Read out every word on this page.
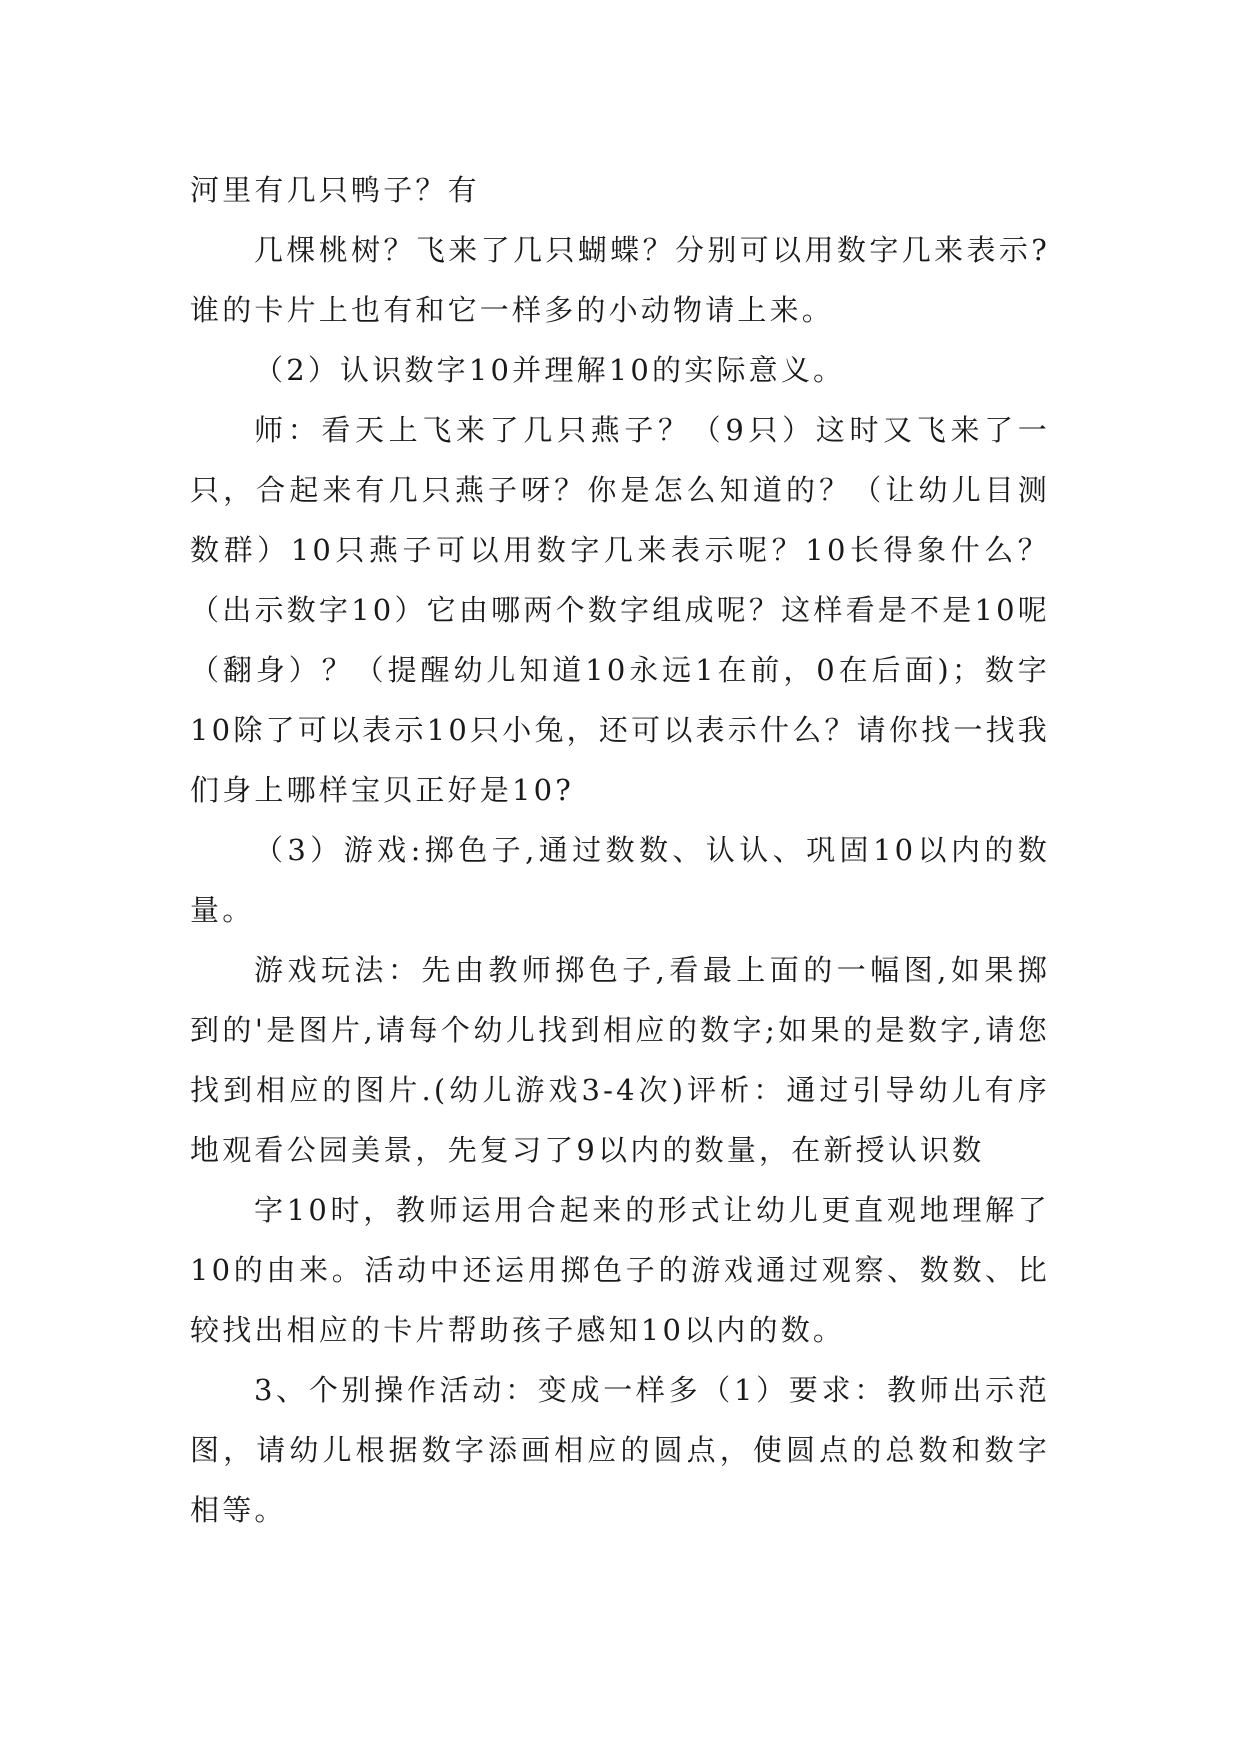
河里有几只鸭子？有

几棵桃树？飞来了几只蝴蝶？分别可以用数字几来表示?谁的卡片上也有和它一样多的小动物请上来。

（2）认识数字10并理解10的实际意义。

师：看天上飞来了几只燕子？（9只）这时又飞来了一只，合起来有几只燕子呀？你是怎么知道的？（让幼儿目测数群）10只燕子可以用数字几来表示呢？10长得象什么？（出示数字10）它由哪两个数字组成呢？这样看是不是10呢（翻身）？（提醒幼儿知道10永远1在前，0在后面)；数字10除了可以表示10只小兔，还可以表示什么？请你找一找我们身上哪样宝贝正好是10?

（3）游戏:掷色子,通过数数、认认、巩固10以内的数量。

游戏玩法：先由教师掷色子,看最上面的一幅图,如果掷到的'是图片,请每个幼儿找到相应的数字;如果的是数字,请您找到相应的图片.(幼儿游戏3-4次)评析：通过引导幼儿有序地观看公园美景，先复习了9以内的数量，在新授认识数

字10时，教师运用合起来的形式让幼儿更直观地理解了10的由来。活动中还运用掷色子的游戏通过观察、数数、比较找出相应的卡片帮助孩子感知10以内的数。

3、个别操作活动：变成一样多（1）要求：教师出示范图，请幼儿根据数字添画相应的圆点，使圆点的总数和数字相等。
